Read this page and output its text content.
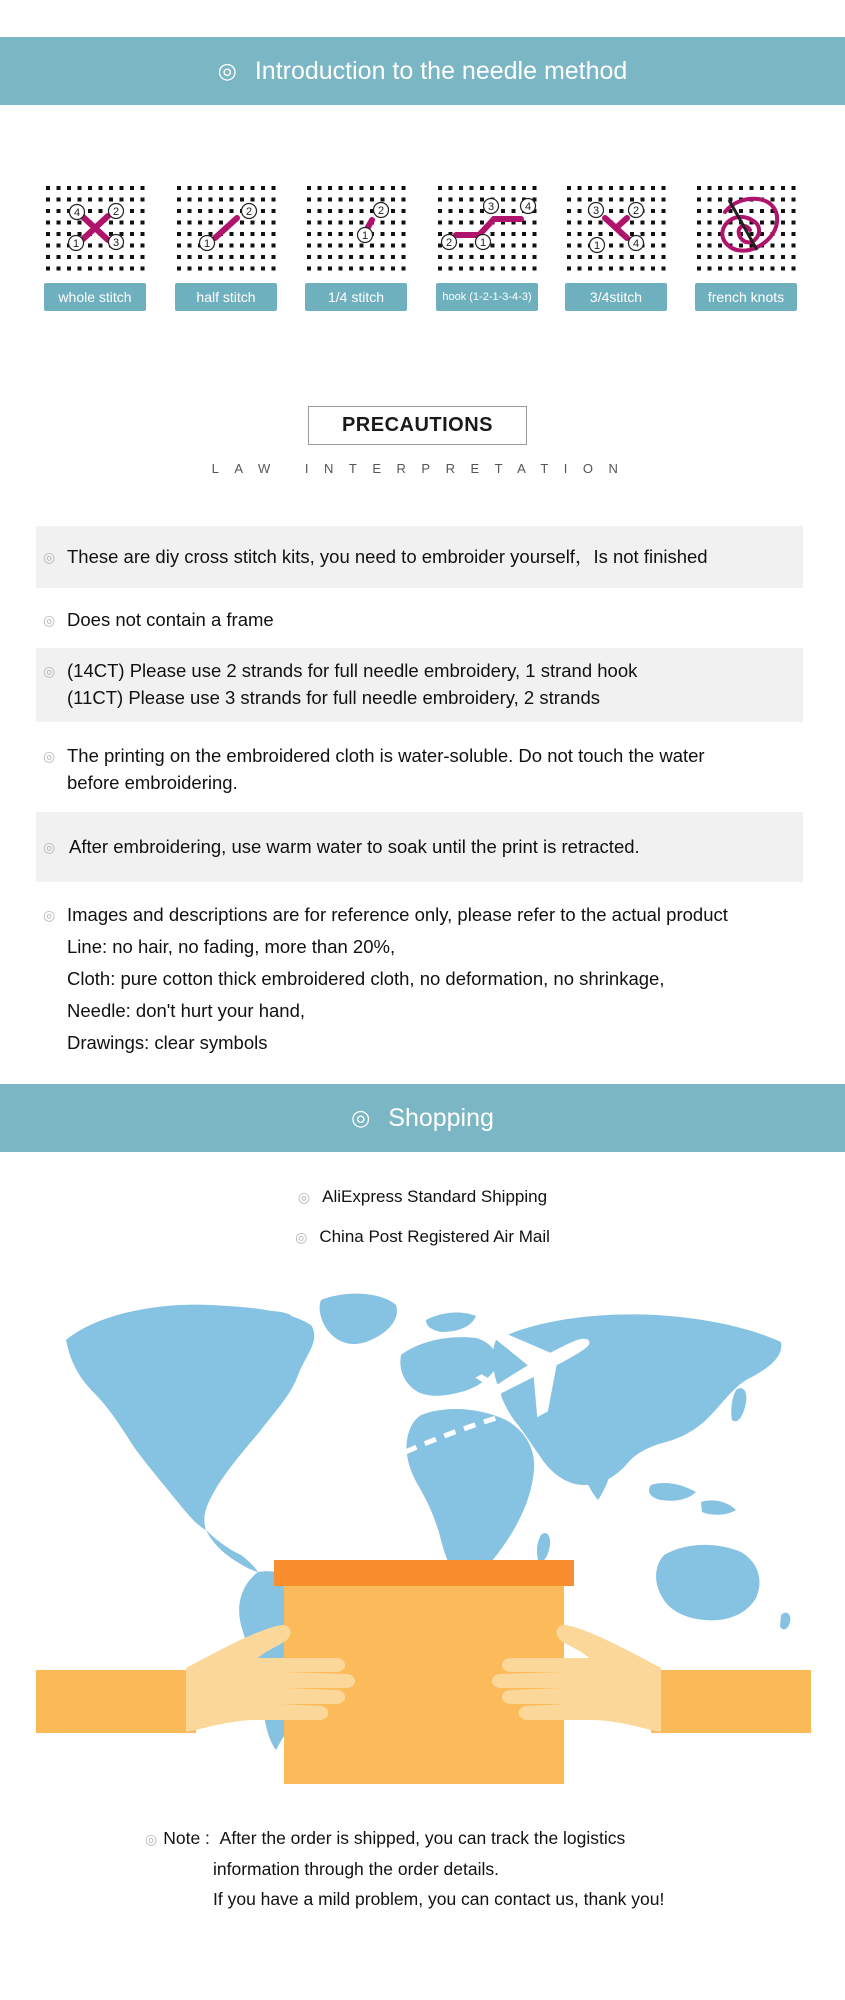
◎ Introduction to the needle method
4	2
1	3
whole stitch
2
1
half stitch
2
1
1/4 stitch
3	4
2	1
hook (1-2-1-3-4-3)
3	2
1	4
3/4stitch	french knots
PRECAUTIONS
LAW INTERPRETATION
◎ These are diy cross stitch kits, you need to embroider yourself，Is not finished
◎ Does not contain a frame
◎ (14CT) Please use 2 strands for full needle embroidery, 1 strand hook
(11CT) Please use 3 strands for full needle embroidery, 2 strands
◎ The printing on the embroidered cloth is water-soluble. Do not touch the water
before embroidering.
◎ After embroidering, use warm water to soak until the print is retracted.
◎ Images and descriptions are for reference only, please refer to the actual product
Line: no hair, no fading, more than 20%,
Cloth: pure cotton thick embroidered cloth, no deformation, no shrinkage,
Needle: don't hurt your hand,
Drawings: clear symbols
◎ Shopping
◎ AliExpress Standard Shipping
◎ China Post Registered Air Mail
◎ Note : After the order is shipped, you can track the logistics
information through the order details.
If you have a mild problem, you can contact us, thank you!
